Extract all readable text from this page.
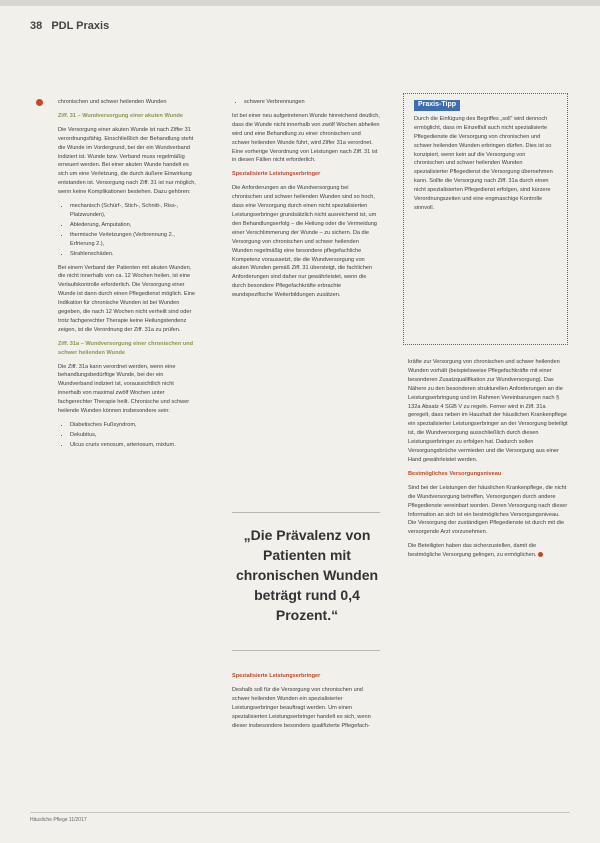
38 PDL Praxis

chronischen und schwer heilenden Wunden

Ziff. 31 – Wundversorgung einer akuten Wunde

Die Versorgung einer akuten Wunde ist nach Ziffer 31 verordnungsfähig. Einschließlich der Behandlung steht die Wunde im Vordergrund, bei der ein Wundverband indiziert ist. Wunde bzw. Verband muss regelmäßig erneuert werden. Bei einer akuten Wunde handelt es sich um eine Verletzung, die durch äußere Einwirkung entstanden ist. Versorgung nach Ziff. 31 ist nur möglich, wenn keine Komplikationen bestehen. Dazu gehören:

• mechanisch (Schürf-, Stich-, Schnitt-, Riss-, Platzwunden),
• Ablederung, Amputation,
• thermische Verletzungen (Verbrennung 2., Erfrierung 2.),
• Strahlenschäden.

Bei einem Verband der Patienten mit akuten Wunden, die nicht innerhalb von ca. 12 Wochen heilen, ist eine Verlaufskontrolle erforderlich. Die Versorgung einer Wunde ist dann durch einen Pflegedienst möglich. Eine Indikation für chronische Wunden ist bei Wunden gegeben, die nach 12 Wochen nicht verheilt sind oder trotz fachgerechter Therapie keine Heilungstendenz zeigen, ist die Verordnung der Ziff. 31a zu prüfen.

Ziff. 31a – Wundversorgung einer chronischen und schwer heilenden Wunde

Die Ziff. 31a kann verordnet werden, wenn eine behandlungsbedürftige Wunde, bei der ein Wundverband indiziert ist, voraussichtlich nicht innerhalb von maximal zwölf Wochen unter fachgerechter Therapie heilt. Chronische und schwer heilende Wunden können insbesondere sein:

• Diabetisches Fußsyndrom,
• Dekubitus,
• Ulcus cruris venosum, arteriosum, mixtum.
• schwere Verbrennungen

Ist bei einer neu aufgetretenen Wunde hinreichend deutlich, dass die Wunde nicht innerhalb von zwölf Wochen abheilen wird und eine Behandlung zu einer chronischen und schwer heilenden Wunde führt, wird Ziffer 31a verordnet. Eine vorherige Verordnung von Leistungen nach Ziff. 31 ist in diesen Fällen nicht erforderlich.

Spezialisierte Leistungserbringer

Die Anforderungen an die Wundversorgung bei chronischen und schwer heilenden Wunden sind so hoch, dass eine Versorgung durch einen nicht spezialisierten Leistungserbringer grundsätzlich nicht ausreichend ist, um den Behandlungserfolg – die Heilung oder die Vermeidung einer Verschlimmerung der Wunde – zu sichern. Da die Versorgung von chronischen und schwer heilenden Wunden regelmäßig eine besondere pflegefachliche Kompetenz voraussetzt, die die Wundversorgung von akuten Wunden gemäß Ziff. 31 übersteigt, die fachlichen Anforderungen sind daher nur gewährleistet, wenn die durch besondere Pflegefachkräfte erbrachte wundspezifische Weiterbildungen zusätzen.

„Die Prävalenz von Patienten mit chronischen Wunden beträgt rund 0,4 Prozent.“

Spezialisierte Leistungserbringer

Deshalb soll für die Versorgung von chronischen und schwer heilenden Wunden ein spezialisierter Leistungserbringer beauftragt werden. Um einen spezialisierten Leistungserbringer handelt es sich, wenn dieser insbesondere besonders qualifizierte Pflegefach-

Praxis-Tipp
Durch die Einfügung des Begriffes „soll“ wird dennoch ermöglicht, dass im Einzelfall auch nicht spezialisierte Pflegedienste die Versorgung von chronischen und schwer heilenden Wunden erbringen dürfen. Dies ist so konzipiert, wenn kein auf die Versorgung von chronischen und schwer heilenden Wunden spezialisierter Pflegedienst die Versorgung übernehmen kann. Sollte die Versorgung nach Ziff. 31a durch einen nicht spezialisierten Pflegedienst erfolgen, sind kürzere Verordnungszeiten und eine engmaschige Kontrolle sinnvoll.

kräfte zur Versorgung von chronischen und schwer heilenden Wunden vorhält (beispielsweise Pflegefachkräfte mit einer besonderen Zusatzqualifikation zur Wundversorgung). Das Nähere zu den besonderen strukturellen Anforderungen an die Leistungserbringung und im Rahmen Vereinbarungen nach § 132a Absatz 4 SGB V zu regeln. Ferner wird in Ziff. 31a geregelt, dass neben im Haushalt der häuslichen Krankenpflege ein spezialisierter Leistungserbringer an der Versorgung beteiligt ist, die Wundversorgung ausschließlich durch diesen Leistungserbringer zu erfolgen hat. Dadurch sollen Versorgungsbrüche vermieden und die Versorgung aus einer Hand gewährleistet werden.

Bestmögliches Versorgungsniveau

Sind bei der Leistungen der häuslichen Krankenpflege, die nicht die Wundversorgung betreffen, Versorgungen durch andere Pflegedienste vereinbart worden. Deren Versorgung nach dieser Information an sich ist ein bestmögliches Versorgungsniveau. Die Versorgung der zuständigen Pflegedienste ist durch mit die versorgende Arzt vorzunehmen.

Die Beteiligten haben das sicherzustellen, damit die bestmögliche Versorgung gelingen, zu ermöglichen.

Häusliche Pflege 11/2017
